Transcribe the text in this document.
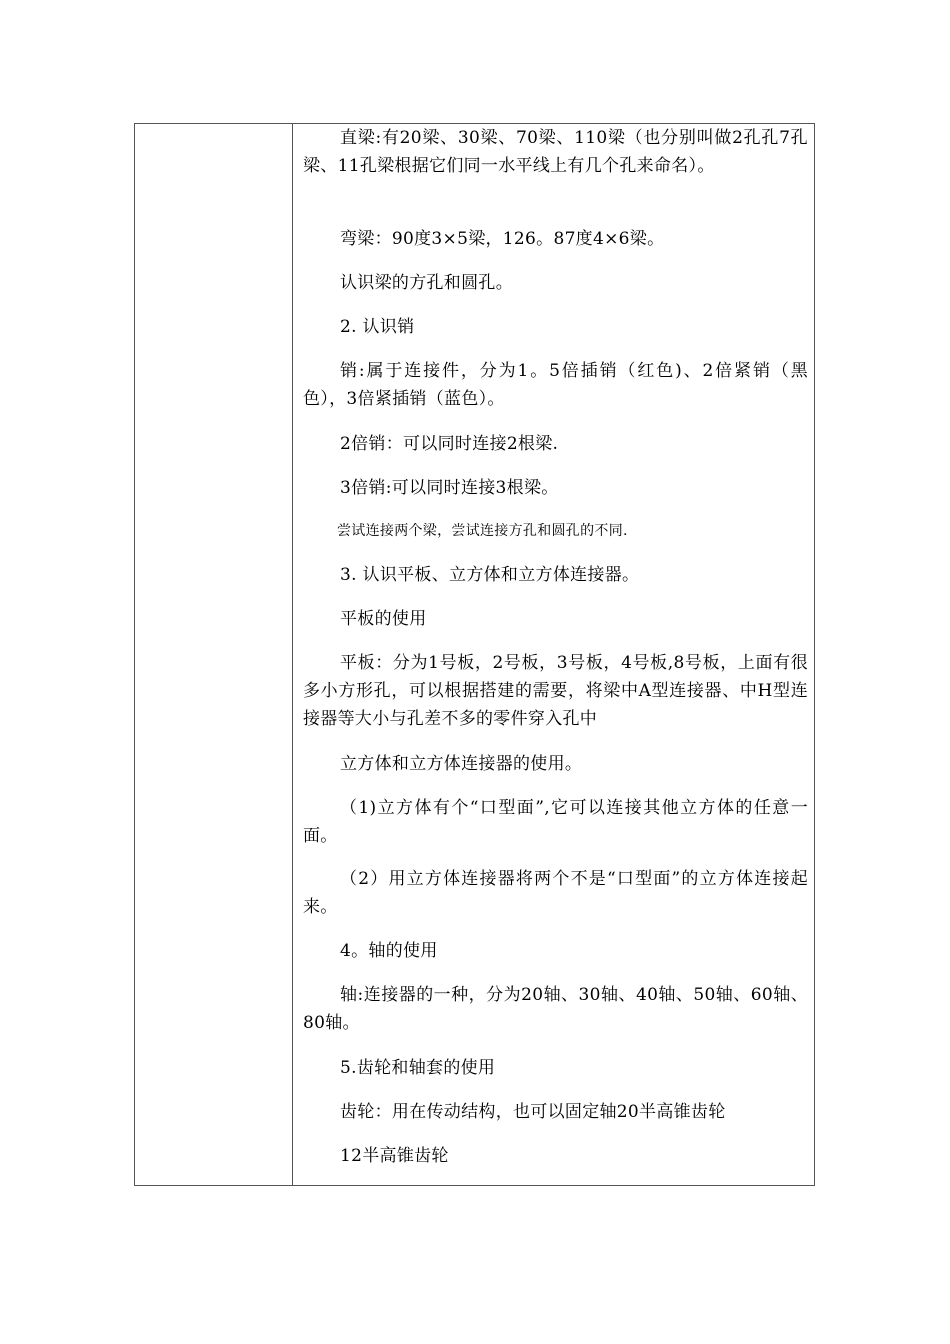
直梁:有20梁、30梁、70梁、110梁（也分别叫做2孔孔7孔梁、11孔梁根据它们同一水平线上有几个孔来命名）。

弯梁：90度3×5梁，126。87度4×6梁。

认识梁的方孔和圆孔。

2. 认识销

销:属于连接件，分为1。5倍插销（红色)、2倍紧销（黑色），3倍紧插销（蓝色）。

2倍销：可以同时连接2根梁.

3倍销:可以同时连接3根梁。

尝试连接两个梁，尝试连接方孔和圆孔的不同.

3. 认识平板、立方体和立方体连接器。

平板的使用

平板：分为1号板，2号板，3号板，4号板,8号板，上面有很多小方形孔，可以根据搭建的需要，将梁中A型连接器、中H型连接器等大小与孔差不多的零件穿入孔中

立方体和立方体连接器的使用。

（1)立方体有个“口型面”,它可以连接其他立方体的任意一面。

（2）用立方体连接器将两个不是“口型面”的立方体连接起来。

4。轴的使用

轴:连接器的一种，分为20轴、30轴、40轴、50轴、60轴、80轴。

5.齿轮和轴套的使用

齿轮：用在传动结构，也可以固定轴20半高锥齿轮

12半高锥齿轮
